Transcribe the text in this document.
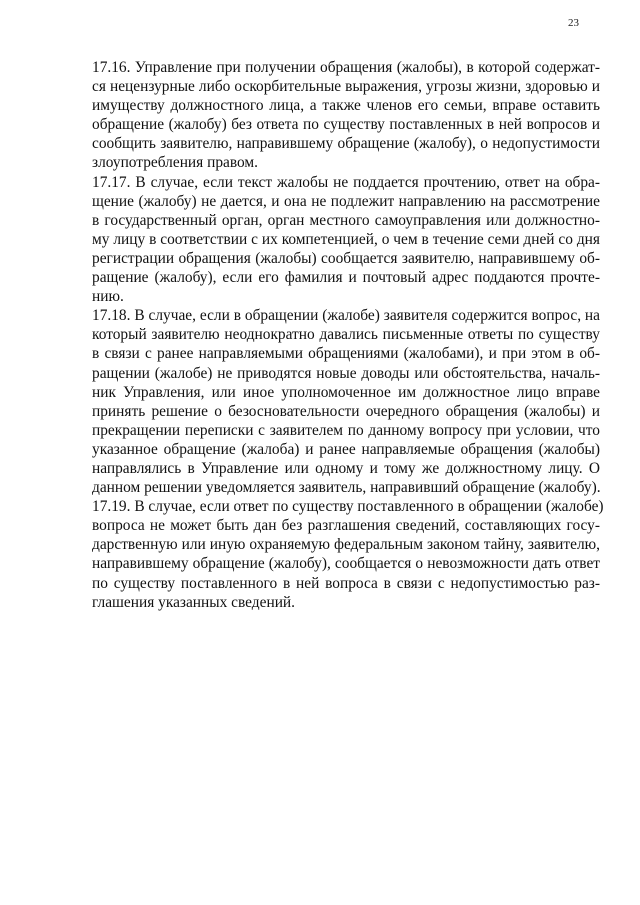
23
17.16. Управление при получении обращения (жалобы), в которой содержат-
ся нецензурные либо оскорбительные выражения, угрозы жизни, здоровью и
имуществу должностного лица, а также членов его семьи, вправе оставить
обращение (жалобу) без ответа по существу поставленных в ней вопросов и
сообщить заявителю, направившему обращение (жалобу), о недопустимости
злоупотребления правом.
17.17. В случае, если текст жалобы не поддается прочтению, ответ на обра-
щение (жалобу) не дается, и она не подлежит направлению на рассмотрение
в государственный орган, орган местного самоуправления или должностно-
му лицу в соответствии с их компетенцией, о чем в течение семи дней со дня
регистрации обращения (жалобы) сообщается заявителю, направившему об-
ращение (жалобу), если его фамилия и почтовый адрес поддаются прочте-
нию.
17.18. В случае, если в обращении (жалобе) заявителя содержится вопрос, на
который заявителю неоднократно давались письменные ответы по существу
в связи с ранее направляемыми обращениями (жалобами), и при этом в об-
ращении (жалобе) не приводятся новые доводы или обстоятельства, началь-
ник Управления, или иное уполномоченное им должностное лицо вправе
принять решение о безосновательности очередного обращения (жалобы) и
прекращении переписки с заявителем по данному вопросу при условии, что
указанное обращение (жалоба) и ранее направляемые обращения (жалобы)
направлялись в Управление или одному и тому же должностному лицу. О
данном решении уведомляется заявитель, направивший обращение (жалобу).
17.19. В случае, если ответ по существу поставленного в обращении (жалобе)
вопроса не может быть дан без разглашения сведений, составляющих госу-
дарственную или иную охраняемую федеральным законом тайну, заявителю,
направившему обращение (жалобу), сообщается о невозможности дать ответ
по существу поставленного в ней вопроса в связи с недопустимостью раз-
глашения указанных сведений.
